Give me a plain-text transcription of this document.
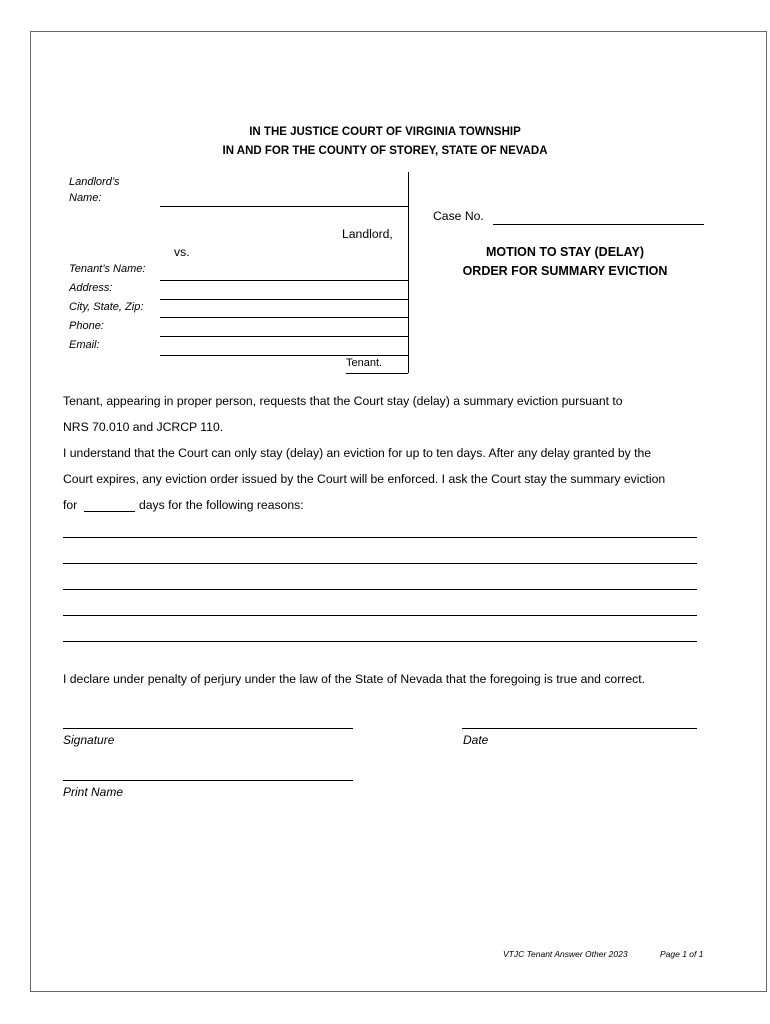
IN THE JUSTICE COURT OF VIRGINIA TOWNSHIP
IN AND FOR THE COUNTY OF STOREY, STATE OF NEVADA
Landlord’s
Name:
Landlord,
vs.
Tenant’s Name:
Address:
City, State, Zip:
Phone:
Email:
Tenant.
Case No.
MOTION TO STAY (DELAY)
ORDER FOR SUMMARY EVICTION
Tenant, appearing in proper person, requests that the Court stay (delay) a summary eviction pursuant to
NRS 70.010 and JCRCP 110.
I understand that the Court can only stay (delay) an eviction for up to ten days. After any delay granted by the
Court expires, any eviction order issued by the Court will be enforced. I ask the Court stay the summary eviction
for	days for the following reasons:
I declare under penalty of perjury under the law of the State of Nevada that the foregoing is true and correct.
Signature	Date
Print Name
VTJC Tenant Answer Other 2023	Page 1 of 1
